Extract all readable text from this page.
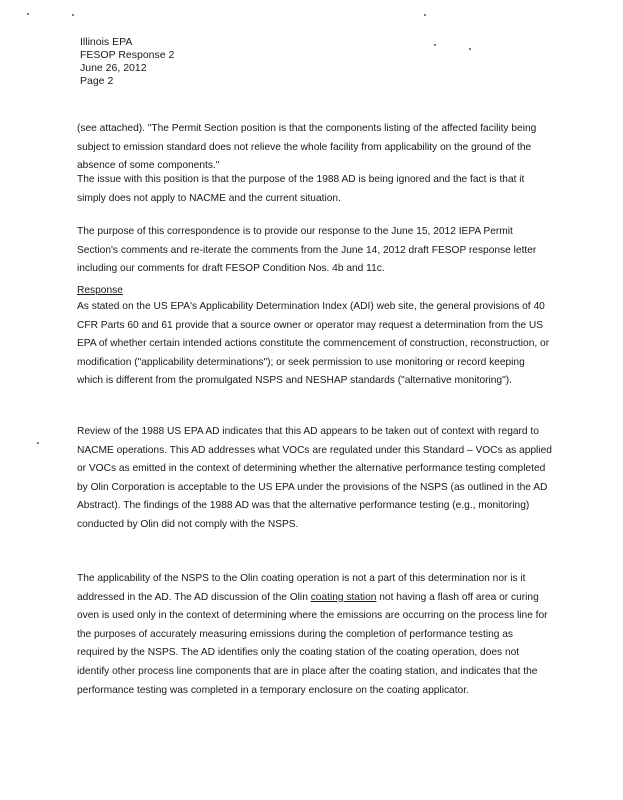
Illinois EPA
FESOP Response 2
June 26, 2012
Page 2
(see attached). "The Permit Section position is that the components listing of the affected facility being subject to emission standard does not relieve the whole facility from applicability on the ground of the absence of some components."
The issue with this position is that the purpose of the 1988 AD is being ignored and the fact is that it simply does not apply to NACME and the current situation.
The purpose of this correspondence is to provide our response to the June 15, 2012 IEPA Permit Section's comments and re-iterate the comments from the June 14, 2012 draft FESOP response letter including our comments for draft FESOP Condition Nos. 4b and 11c.
Response
As stated on the US EPA's Applicability Determination Index (ADI) web site, the general provisions of 40 CFR Parts 60 and 61 provide that a source owner or operator may request a determination from the US EPA of whether certain intended actions constitute the commencement of construction, reconstruction, or modification ("applicability determinations"); or seek permission to use monitoring or record keeping which is different from the promulgated NSPS and NESHAP standards ("alternative monitoring").
Review of the 1988 US EPA AD indicates that this AD appears to be taken out of context with regard to NACME operations. This AD addresses what VOCs are regulated under this Standard – VOCs as applied or VOCs as emitted in the context of determining whether the alternative performance testing completed by Olin Corporation is acceptable to the US EPA under the provisions of the NSPS (as outlined in the AD Abstract). The findings of the 1988 AD was that the alternative performance testing (e.g., monitoring) conducted by Olin did not comply with the NSPS.
The applicability of the NSPS to the Olin coating operation is not a part of this determination nor is it addressed in the AD. The AD discussion of the Olin coating station not having a flash off area or curing oven is used only in the context of determining where the emissions are occurring on the process line for the purposes of accurately measuring emissions during the completion of performance testing as required by the NSPS. The AD identifies only the coating station of the coating operation, does not identify other process line components that are in place after the coating station, and indicates that the performance testing was completed in a temporary enclosure on the coating applicator.
